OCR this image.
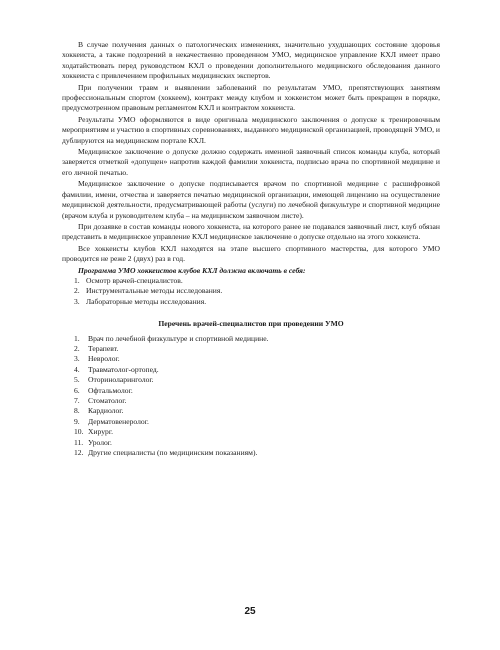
В случае получения данных о патологических изменениях, значительно ухудшающих состояние здоровья хоккеиста, а также подозрений в некачественно проведенном УМО, медицинское управление КХЛ имеет право ходатайствовать перед руководством КХЛ о проведении дополнительного медицинского обследования данного хоккеиста с привлечением профильных медицинских экспертов.

При получении травм и выявлении заболеваний по результатам УМО, препятствующих занятиям профессиональным спортом (хоккеем), контракт между клубом и хоккеистом может быть прекращен в порядке, предусмотренном правовым регламентом КХЛ и контрактом хоккеиста.

Результаты УМО оформляются в виде оригинала медицинского заключения о допуске к тренировочным мероприятиям и участию в спортивных соревнованиях, выданного медицинской организацией, проводящей УМО, и дублируются на медицинском портале КХЛ.

Медицинское заключение о допуске должно содержать именной заявочный список команды клуба, который заверяется отметкой «допущен» напротив каждой фамилии хоккеиста, подписью врача по спортивной медицине и его личной печатью.

Медицинское заключение о допуске подписывается врачом по спортивной медицине с расшифровкой фамилии, имени, отчества и заверяется печатью медицинской организации, имеющей лицензию на осуществление медицинской деятельности, предусматривающей работы (услуги) по лечебной физкультуре и спортивной медицине (врачом клуба и руководителем клуба – на медицинском заявочном листе).

При дозаявке в состав команды нового хоккеиста, на которого ранее не подавался заявочный лист, клуб обязан представить в медицинское управление КХЛ медицинское заключение о допуске отдельно на этого хоккеиста.

Все хоккеисты клубов КХЛ находятся на этапе высшего спортивного мастерства, для которого УМО проводится не реже 2 (двух) раз в год.

Программа УМО хоккеистов клубов КХЛ должна включать в себя:

1. Осмотр врачей-специалистов.
2. Инструментальные методы исследования.
3. Лабораторные методы исследования.
Перечень врачей-специалистов при проведении УМО
1.	Врач по лечебной физкультуре и спортивной медицине.
2.	Терапевт.
3.	Невролог.
4.	Травматолог-ортопед.
5.	Оториноларинголог.
6.	Офтальмолог.
7.	Стоматолог.
8.	Кардиолог.
9.	Дерматовенеролог.
10. Хирург.
11. Уролог.
12. Другие специалисты (по медицинским показаниям).
25
